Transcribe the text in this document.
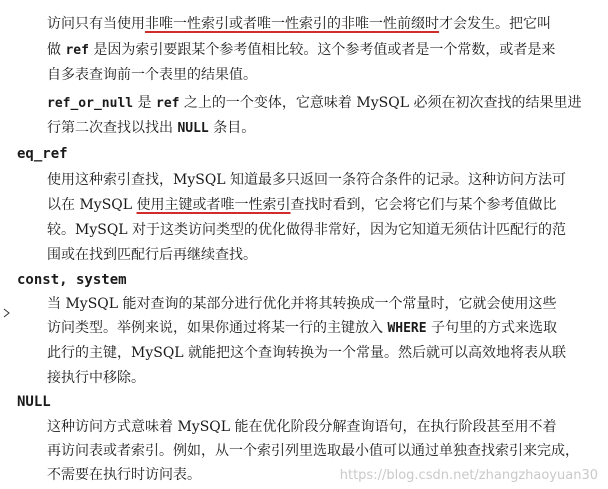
访问只有当使用非唯一性索引或者唯一性索引的非唯一性前缀时才会发生。把它叫
做 ref 是因为索引要跟某个参考值相比较。这个参考值或者是一个常数，或者是来
自多表查询前一个表里的结果值。
ref_or_null 是 ref 之上的一个变体，它意味着 MySQL 必须在初次查找的结果里进
行第二次查找以找出 NULL 条目。
eq_ref
使用这种索引查找，MySQL 知道最多只返回一条符合条件的记录。这种访问方法可
以在 MySQL 使用主键或者唯一性索引查找时看到，它会将它们与某个参考值做比
较。MySQL 对于这类访问类型的优化做得非常好，因为它知道无须估计匹配行的范
围或在找到匹配行后再继续查找。
const, system
当 MySQL 能对查询的某部分进行优化并将其转换成一个常量时，它就会使用这些
访问类型。举例来说，如果你通过将某一行的主键放入 WHERE 子句里的方式来选取
此行的主键，MySQL 就能把这个查询转换为一个常量。然后就可以高效地将表从联
接执行中移除。
NULL
这种访问方式意味着 MySQL 能在优化阶段分解查询语句，在执行阶段甚至用不着
再访问表或者索引。例如，从一个索引列里选取最小值可以通过单独查找索引来完成，
不需要在执行时访问表。	https://blog.csdn.net/zhangzhaoyuan30
